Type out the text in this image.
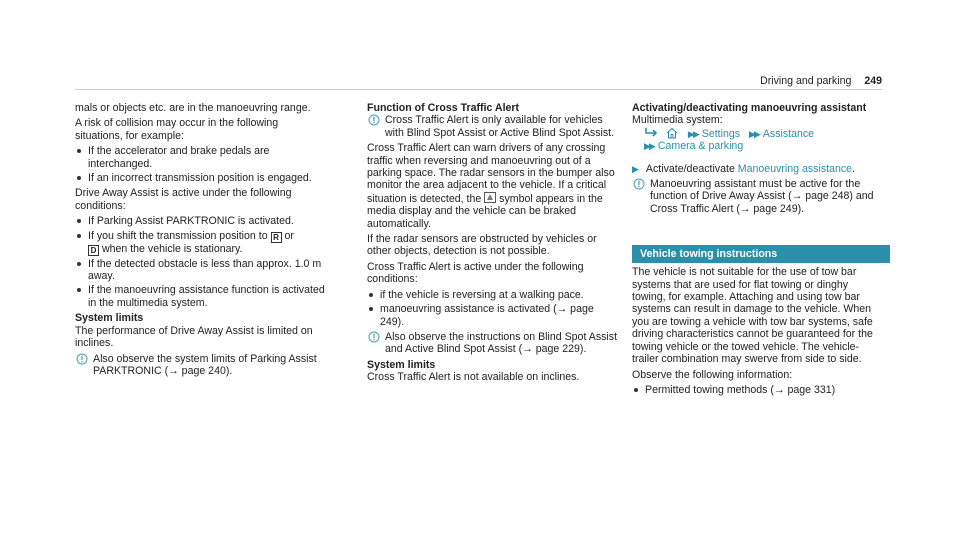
Driving and parking 249

mals or objects etc. are in the manoeuvring range.

A risk of collision may occur in the following situations, for example:

If the accelerator and brake pedals are interchanged.
If an incorrect transmission position is engaged.

Drive Away Assist is active under the following conditions:

If Parking Assist PARKTRONIC is activated.
If you shift the transmission position to R or
D when the vehicle is stationary.
If the detected obstacle is less than approx. 1.0 m away.
If the manoeuvring assistance function is activated in the multimedia system.

System limits

The performance of Drive Away Assist is limited on inclines.

Also observe the system limits of Parking Assist PARKTRONIC (→ page 240).

Function of Cross Traffic Alert

Cross Traffic Alert is only available for vehicles with Blind Spot Assist or Active Blind Spot Assist.

Cross Traffic Alert can warn drivers of any crossing traffic when reversing and manoeuvring out of a parking space. The radar sensors in the bumper also monitor the area adjacent to the vehicle. If a critical situation is detected, the symbol appears in the media display and the vehicle can be braked automatically.

If the radar sensors are obstructed by vehicles or other objects, detection is not possible.

Cross Traffic Alert is active under the following conditions:

if the vehicle is reversing at a walking pace.
manoeuvring assistance is activated (→ page 249).
Also observe the instructions on Blind Spot Assist and Active Blind Spot Assist (→ page 229).

System limits

Cross Traffic Alert is not available on inclines.

Activating/deactivating manoeuvring assistant

Multimedia system:
▶▶ Settings ▶▶ Assistance
▶▶ Camera & parking

▶ Activate/deactivate Manoeuvring assistance.

Manoeuvring assistant must be active for the function of Drive Away Assist (→ page 248) and Cross Traffic Alert (→ page 249).
Vehicle towing instructions

The vehicle is not suitable for the use of tow bar systems that are used for flat towing or dinghy towing, for example. Attaching and using tow bar systems can result in damage to the vehicle. When you are towing a vehicle with tow bar systems, safe driving characteristics cannot be guaranteed for the towing vehicle or the towed vehicle. The vehicle-trailer combination may swerve from side to side.

Observe the following information:

Permitted towing methods (→ page 331)
